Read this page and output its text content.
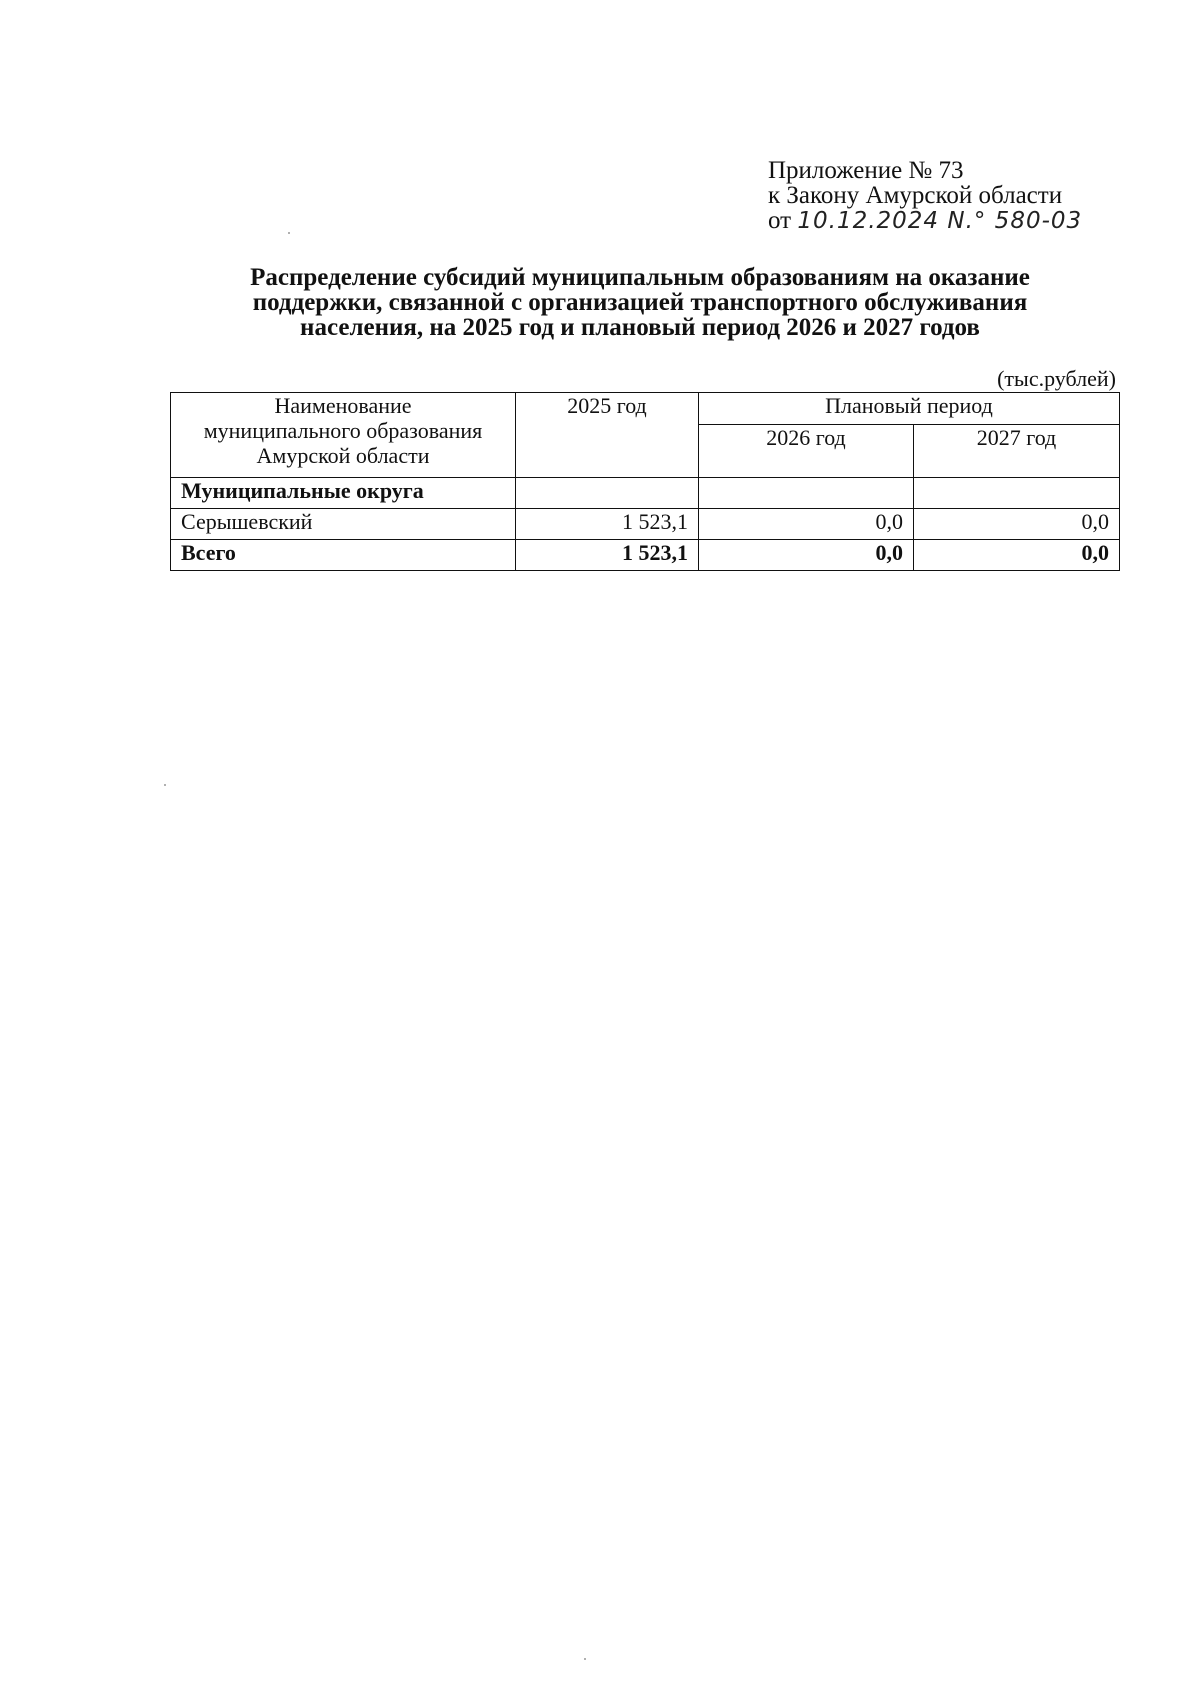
Приложение № 73
к Закону Амурской области
от 10.12.2024 N.° 580-03
Распределение субсидий муниципальным образованиям на оказание
поддержки, связанной с организацией транспортного обслуживания
населения, на 2025 год и плановый период 2026 и 2027 годов
(тыс.рублей)
Наименование
муниципального образования
Амурской области	2025 год	Плановый период	
		2026 год	2027 год
Муниципальные округа			
Серышевский	1 523,1	0,0	0,0
Всего	1 523,1	0,0	0,0
